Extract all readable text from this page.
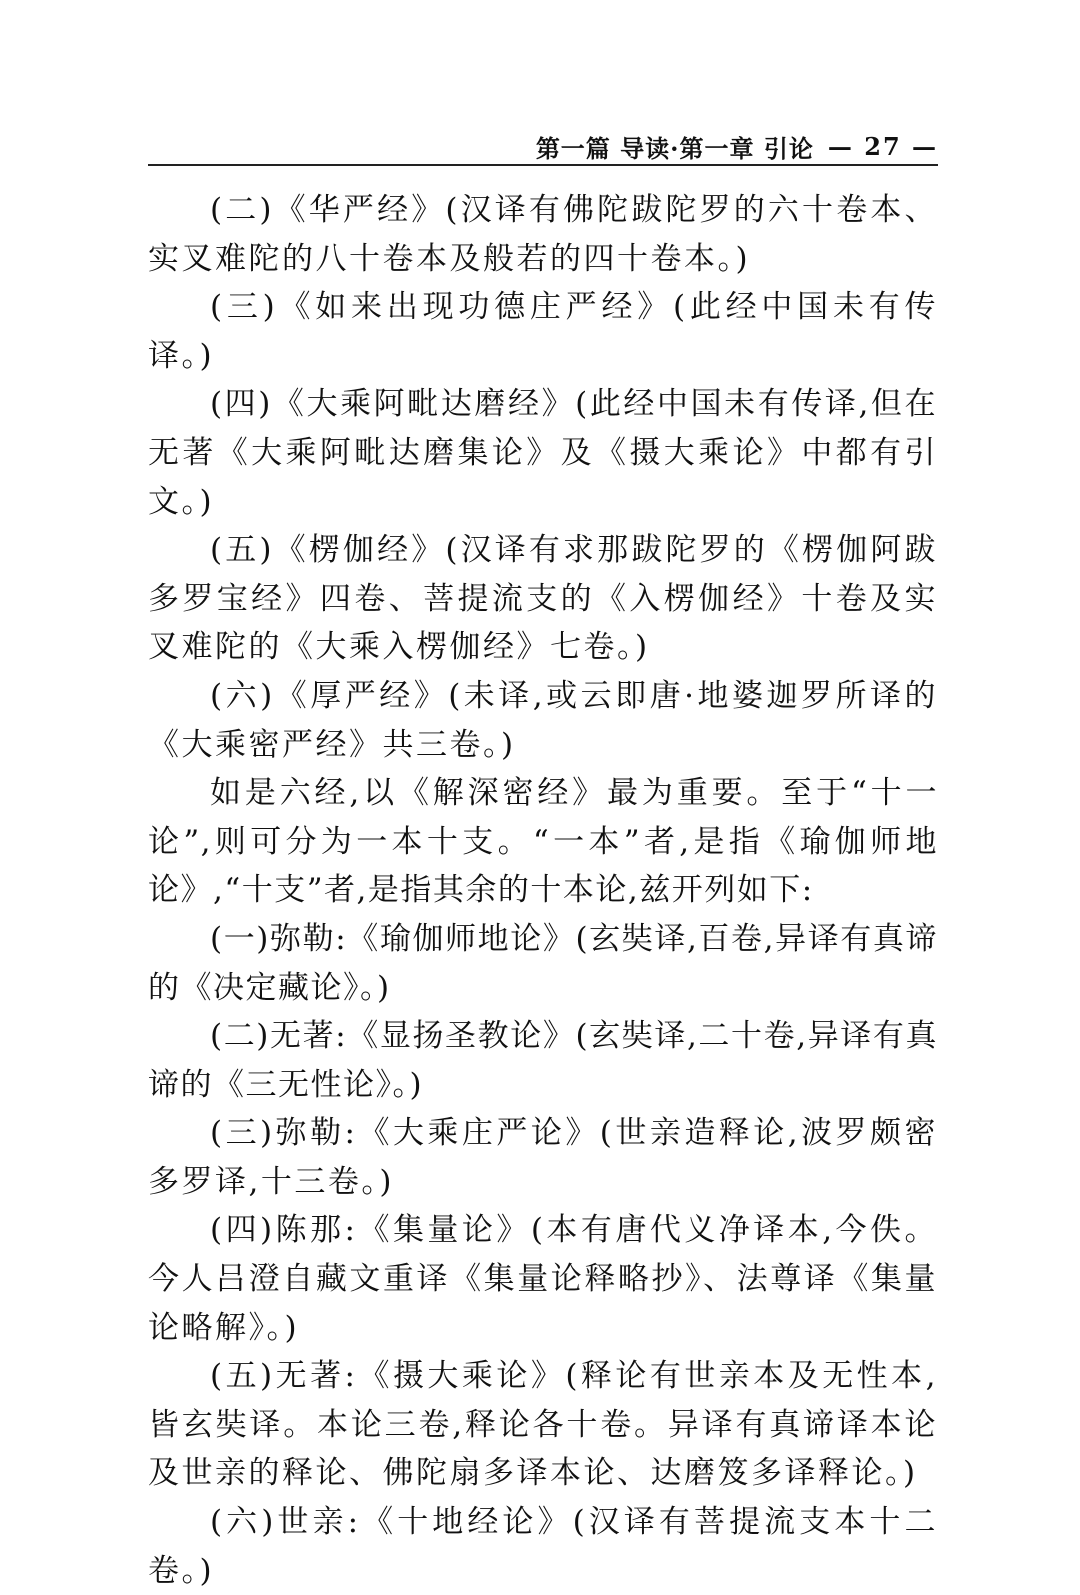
第一篇 导读·第一章 引论 — 27 —

(二)《华严经》(汉译有佛陀跋陀罗的六十卷本、实叉难陀的八十卷本及般若的四十卷本。)

(三)《如来出现功德庄严经》(此经中国未有传译。)

(四)《大乘阿毗达磨经》(此经中国未有传译,但在无著《大乘阿毗达磨集论》及《摄大乘论》中都有引文。)

(五)《楞伽经》(汉译有求那跋陀罗的《楞伽阿跋多罗宝经》四卷、菩提流支的《入楞伽经》十卷及实叉难陀的《大乘入楞伽经》七卷。)

(六)《厚严经》(未译,或云即唐·地婆迦罗所译的《大乘密严经》共三卷。)

如是六经,以《解深密经》最为重要。至于“十一论”,则可分为一本十支。“一本”者,是指《瑜伽师地论》,“十支”者,是指其余的十本论,兹开列如下:

(一)弥勒:《瑜伽师地论》(玄奘译,百卷,异译有真谛的《决定藏论》。)

(二)无著:《显扬圣教论》(玄奘译,二十卷,异译有真谛的《三无性论》。)

(三)弥勒:《大乘庄严论》(世亲造释论,波罗颇密多罗译,十三卷。)

(四)陈那:《集量论》(本有唐代义净译本,今佚。今人吕澄自藏文重译《集量论释略抄》、法尊译《集量论略解》。)

(五)无著:《摄大乘论》(释论有世亲本及无性本,皆玄奘译。本论三卷,释论各十卷。异译有真谛译本论及世亲的释论、佛陀扇多译本论、达磨笈多译释论。)

(六)世亲:《十地经论》(汉译有菩提流支本十二卷。)
